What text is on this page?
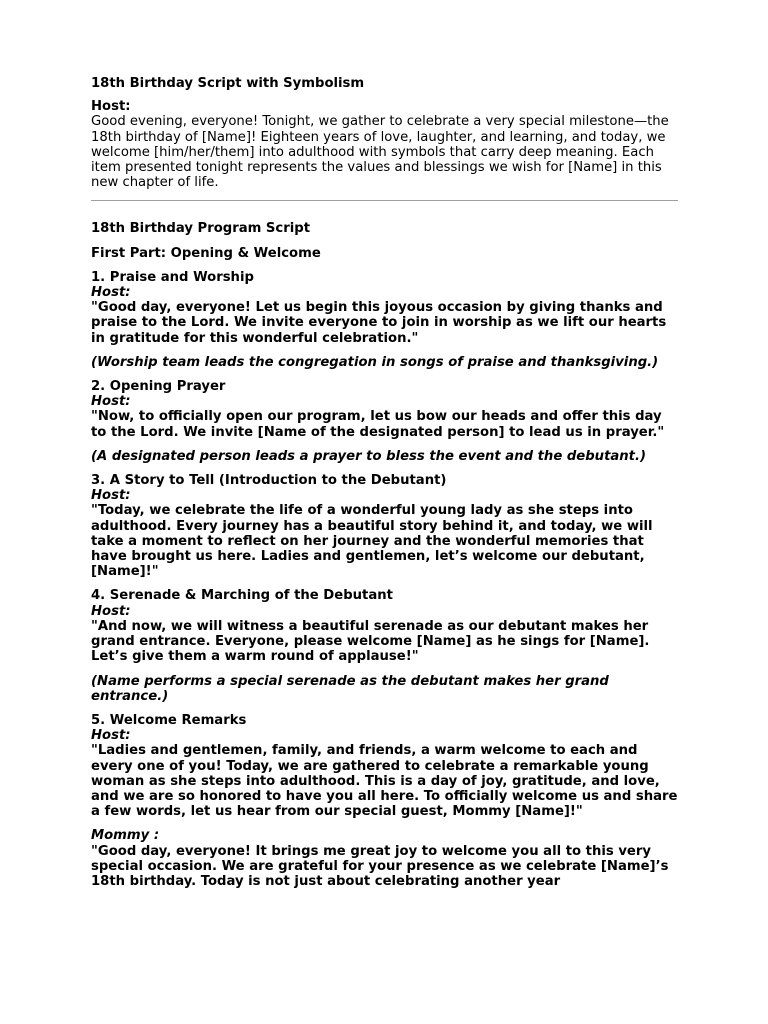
18th Birthday Script with Symbolism

Host:

Good evening, everyone! Tonight, we gather to celebrate a very special milestone—the 18th birthday of [Name]! Eighteen years of love, laughter, and learning, and today, we welcome [him/her/them] into adulthood with symbols that carry deep meaning. Each item presented tonight represents the values and blessings we wish for [Name] in this new chapter of life.

18th Birthday Program Script

First Part: Opening & Welcome

1. Praise and Worship

Host:

"Good day, everyone! Let us begin this joyous occasion by giving thanks and praise to the Lord. We invite everyone to join in worship as we lift our hearts in gratitude for this wonderful celebration."

(Worship team leads the congregation in songs of praise and thanksgiving.)

2. Opening Prayer

Host:

"Now, to officially open our program, let us bow our heads and offer this day to the Lord. We invite [Name of the designated person] to lead us in prayer."

(A designated person leads a prayer to bless the event and the debutant.)

3. A Story to Tell (Introduction to the Debutant)

Host:

"Today, we celebrate the life of a wonderful young lady as she steps into adulthood. Every journey has a beautiful story behind it, and today, we will take a moment to reflect on her journey and the wonderful memories that have brought us here. Ladies and gentlemen, let’s welcome our debutant, [Name]!"

4. Serenade & Marching of the Debutant

Host:

"And now, we will witness a beautiful serenade as our debutant makes her grand entrance. Everyone, please welcome [Name] as he sings for [Name]. Let’s give them a warm round of applause!"

(Name performs a special serenade as the debutant makes her grand entrance.)

5. Welcome Remarks

Host:

"Ladies and gentlemen, family, and friends, a warm welcome to each and every one of you! Today, we are gathered to celebrate a remarkable young woman as she steps into adulthood. This is a day of joy, gratitude, and love, and we are so honored to have you all here. To officially welcome us and share a few words, let us hear from our special guest, Mommy [Name]!"

Mommy :

"Good day, everyone! It brings me great joy to welcome you all to this very special occasion. We are grateful for your presence as we celebrate [Name]’s 18th birthday. Today is not just about celebrating another year
